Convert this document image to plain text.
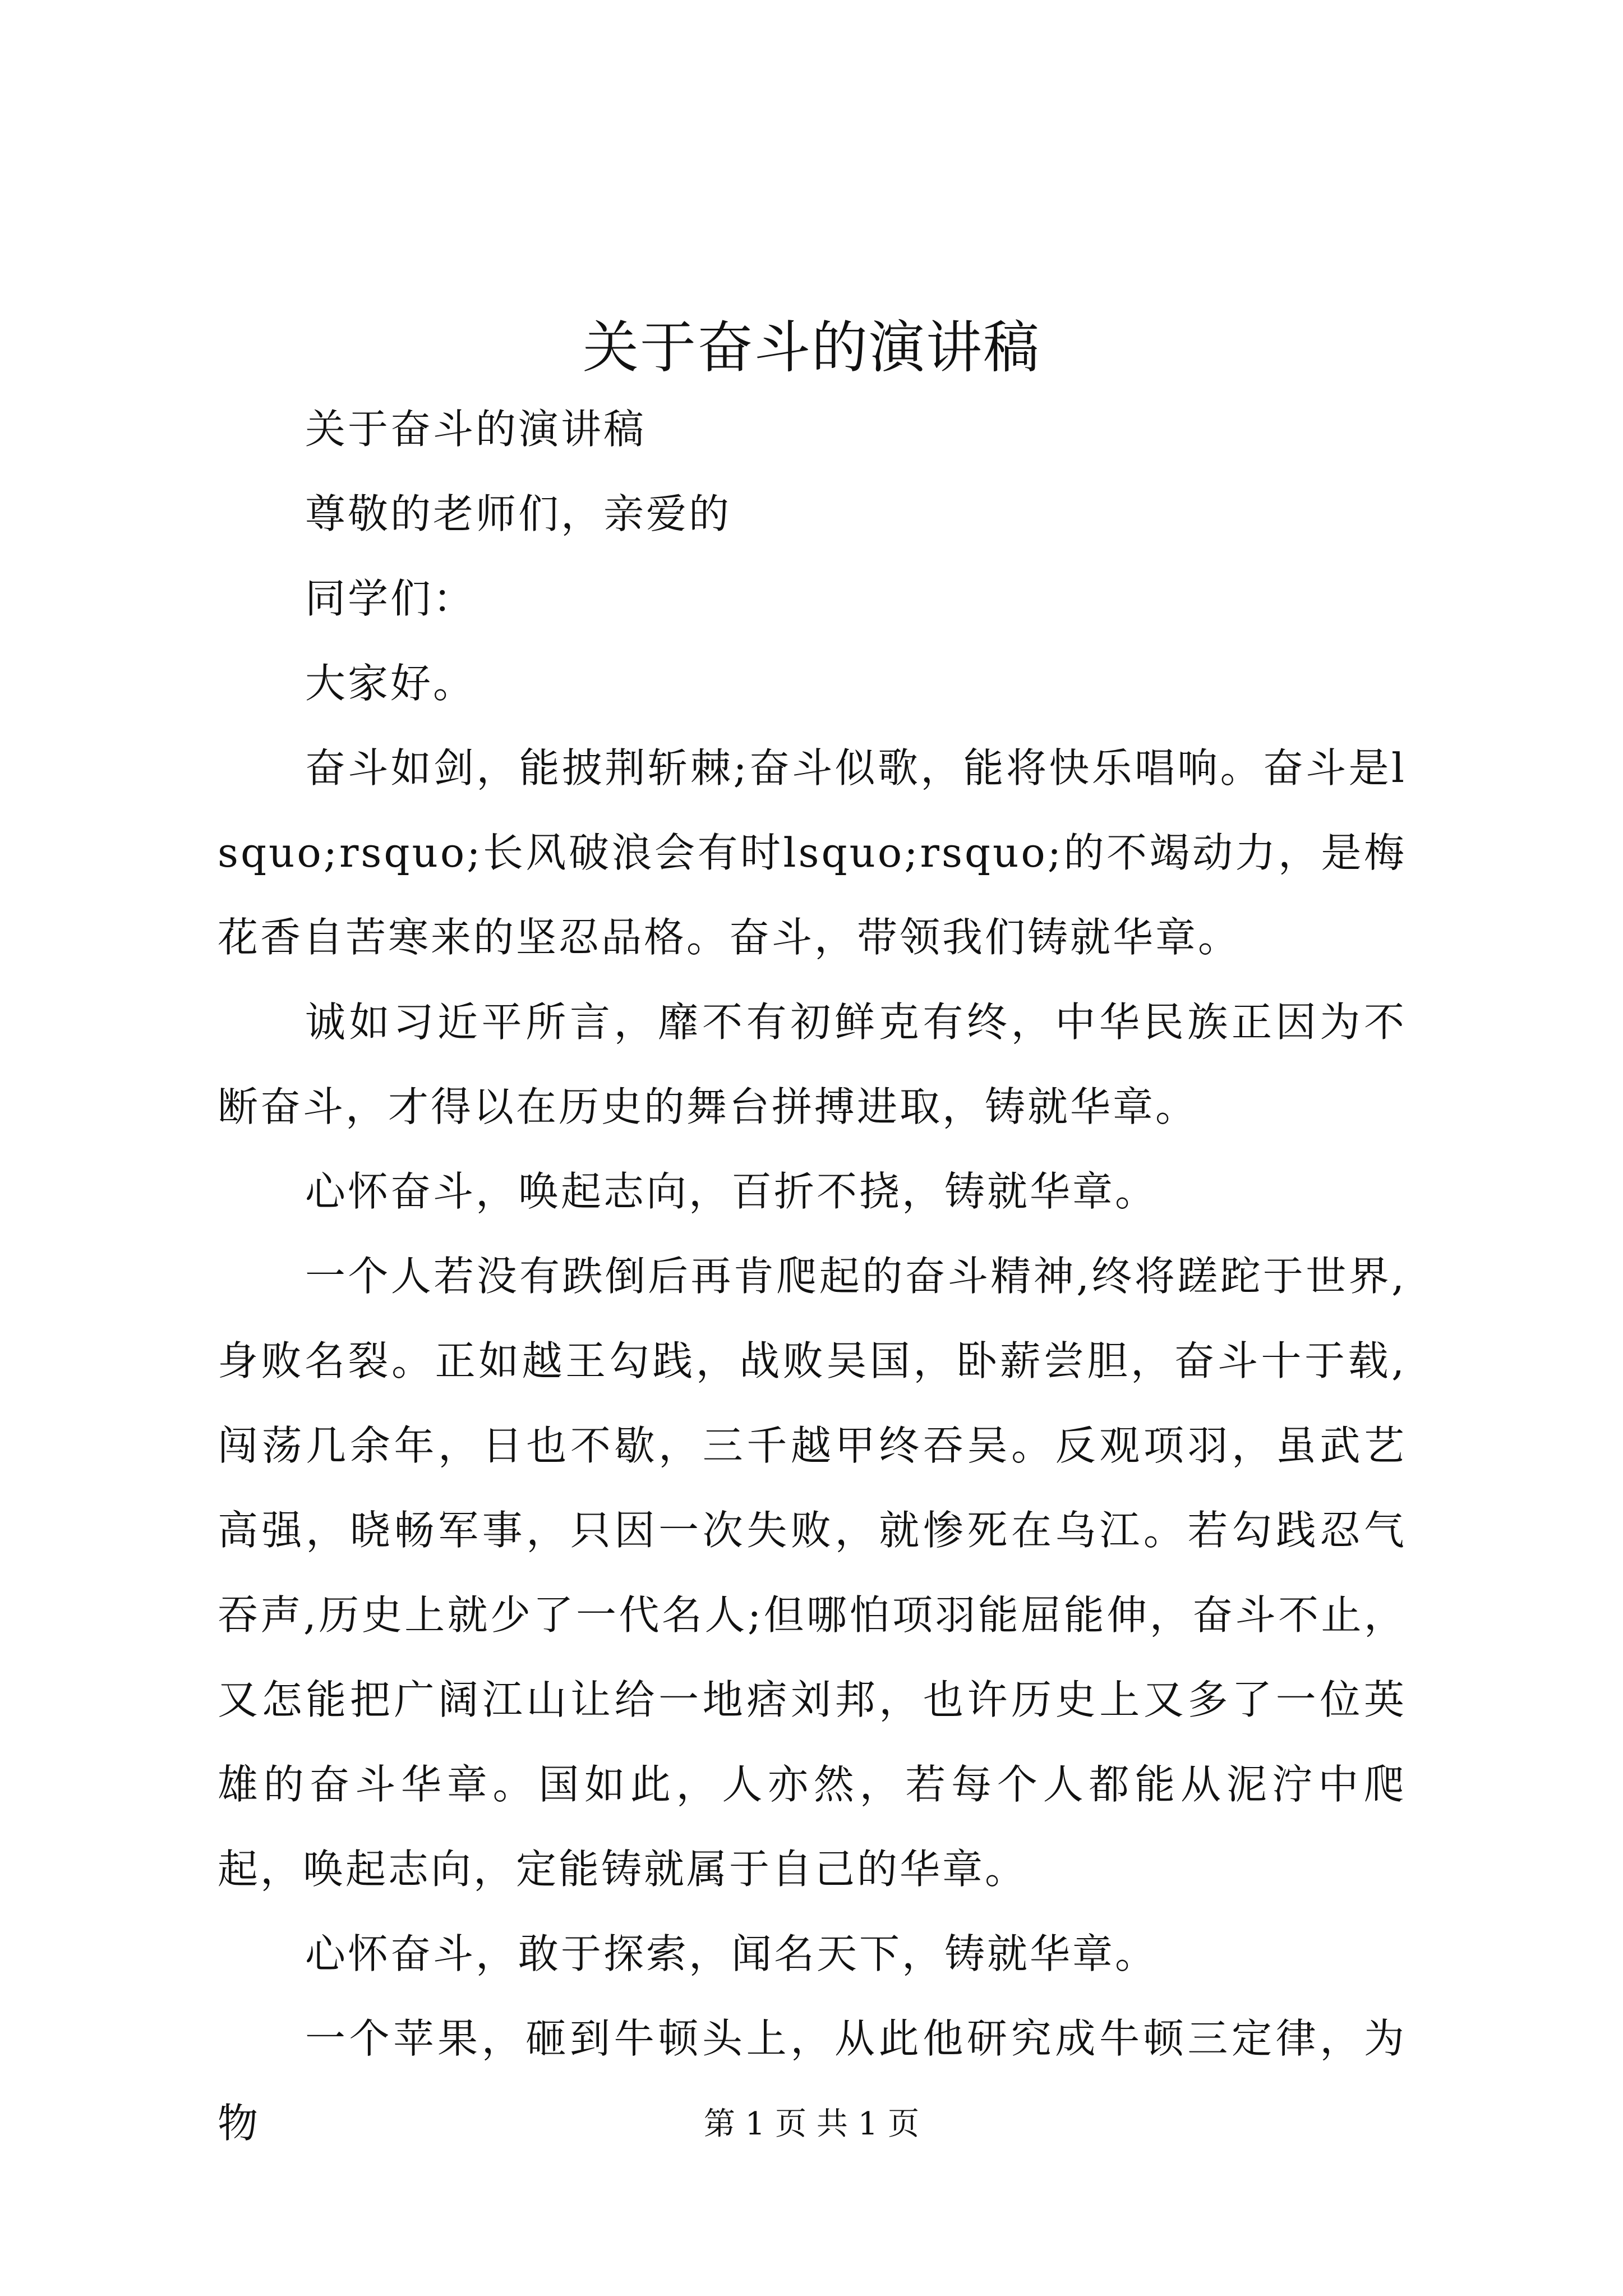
关于奋斗的演讲稿

关于奋斗的演讲稿

尊敬的老师们，亲爱的

同学们：

大家好。

奋斗如剑，能披荆斩棘;奋斗似歌，能将快乐唱响。奋斗是lsquo;rsquo;长风破浪会有时lsquo;rsquo;的不竭动力，是梅花香自苦寒来的坚忍品格。奋斗，带领我们铸就华章。

诚如习近平所言，靡不有初鲜克有终，中华民族正因为不断奋斗，才得以在历史的舞台拼搏进取，铸就华章。

心怀奋斗，唤起志向，百折不挠，铸就华章。

一个人若没有跌倒后再肯爬起的奋斗精神,终将蹉跎于世界,身败名裂。正如越王勾践，战败吴国，卧薪尝胆，奋斗十于载,闯荡几余年，日也不歇，三千越甲终吞吴。反观项羽，虽武艺高强，晓畅军事，只因一次失败，就惨死在乌江。若勾践忍气吞声,历史上就少了一代名人;但哪怕项羽能屈能伸，奋斗不止，又怎能把广阔江山让给一地痞刘邦，也许历史上又多了一位英雄的奋斗华章。国如此，人亦然，若每个人都能从泥泞中爬起，唤起志向，定能铸就属于自己的华章。

心怀奋斗，敢于探索，闻名天下，铸就华章。

一个苹果，砸到牛顿头上，从此他研究成牛顿三定律，为物	第 1 页 共 1 页
